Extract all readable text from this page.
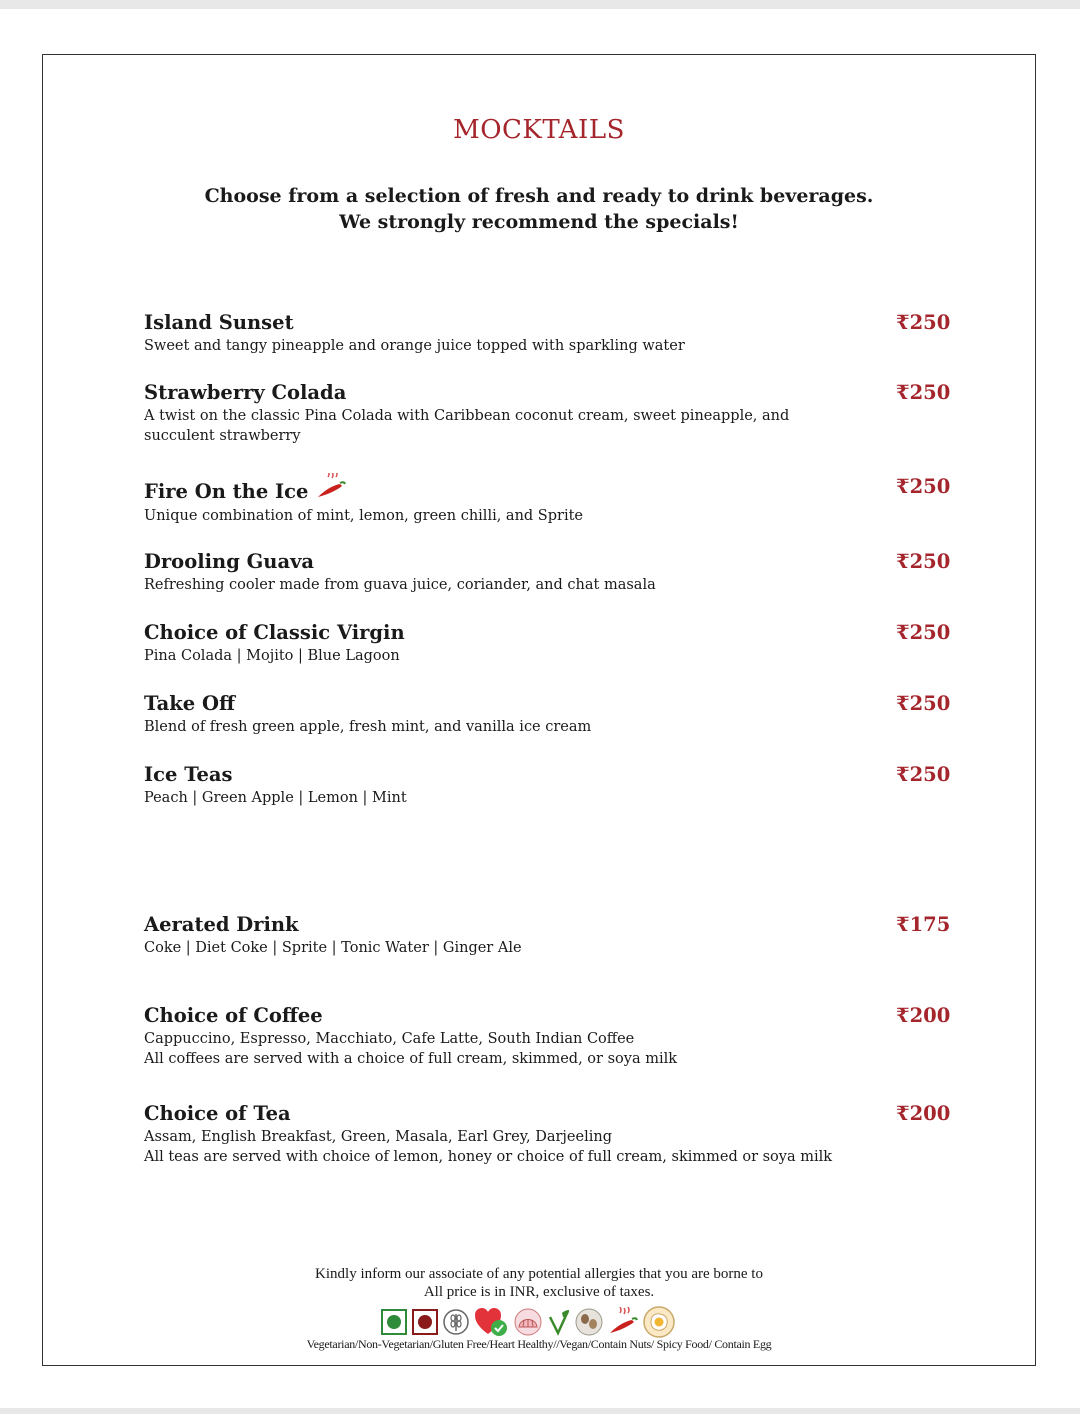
MOCKTAILS
Choose from a selection of fresh and ready to drink beverages.
We strongly recommend the specials!
Island Sunset
Sweet and tangy pineapple and orange juice topped with sparkling water
₹250
Strawberry Colada
A twist on the classic Pina Colada with Caribbean coconut cream, sweet pineapple, and succulent strawberry
₹250
Fire On the Ice
Unique combination of mint, lemon, green chilli, and Sprite
₹250
Drooling Guava
Refreshing cooler made from guava juice, coriander, and chat masala
₹250
Choice of Classic Virgin
Pina Colada | Mojito | Blue Lagoon
₹250
Take Off
Blend of fresh green apple, fresh mint, and vanilla ice cream
₹250
Ice Teas
Peach | Green Apple | Lemon | Mint
₹250
Aerated Drink
Coke | Diet Coke | Sprite | Tonic Water | Ginger Ale
₹175
Choice of Coffee
Cappuccino, Espresso, Macchiato, Cafe Latte, South Indian Coffee
All coffees are served with a choice of full cream, skimmed, or soya milk
₹200
Choice of Tea
Assam, English Breakfast, Green, Masala, Earl Grey, Darjeeling
All teas are served with choice of lemon, honey or choice of full cream, skimmed or soya milk
₹200
Kindly inform our associate of any potential allergies that you are borne to
All price is in INR, exclusive of taxes.
Vegetarian/Non-Vegetarian/Gluten Free/Heart Healthy//Vegan/Contain Nuts/ Spicy Food/ Contain Egg
